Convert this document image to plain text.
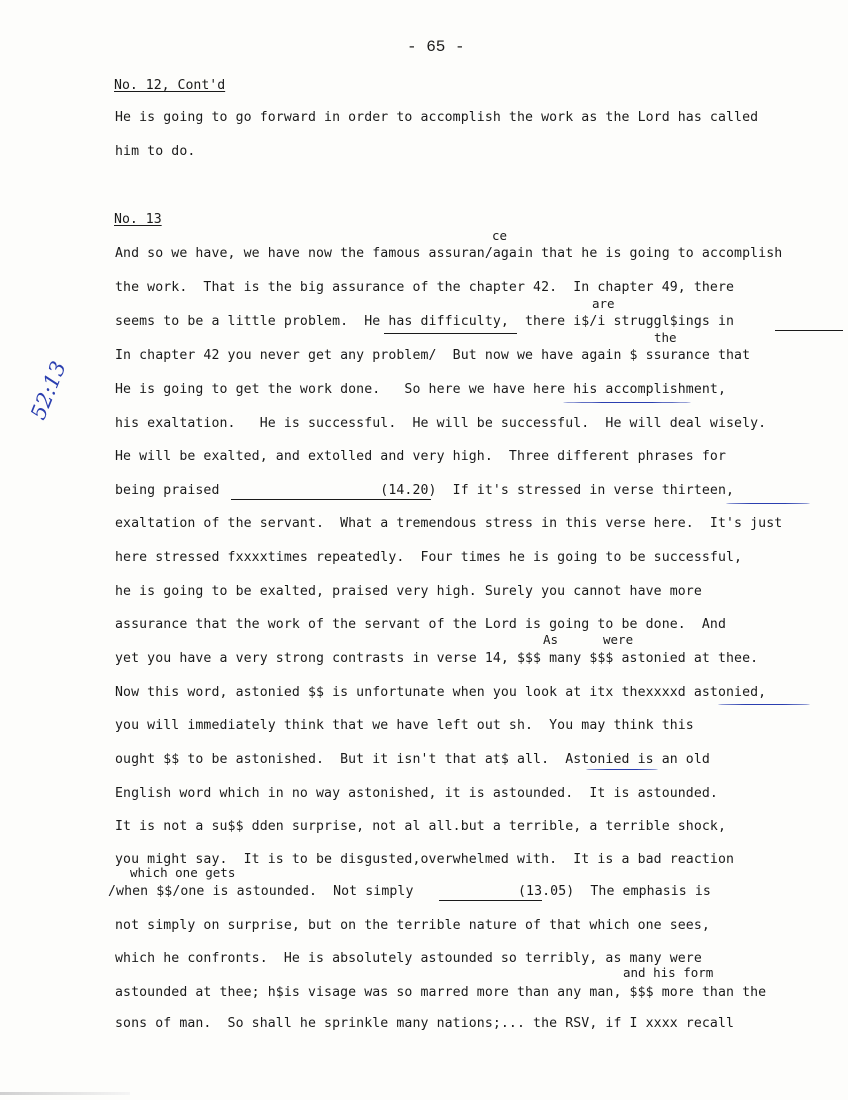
- 65 -
No. 12, Cont'd
He is going to go forward in order to accomplish the work as the Lord has called
him to do.
No. 13
ce
are
the
As	were
which one gets
and his form
And so we have, we have now the famous assuran/again that he is going to accomplish
the work.  That is the big assurance of the chapter 42.  In chapter 49, there
seems to be a little problem.  He has difficulty,  there i$/i struggl$ings in
In chapter 42 you never get any problem/  But now we have again $ ssurance that
He is going to get the work done.   So here we have here his accomplishment,
his exaltation.   He is successful.  He will be successful.  He will deal wisely.
He will be exalted, and extolled and very high.  Three different phrases for
being praised                    (14.20)  If it's stressed in verse thirteen,
exaltation of the servant.  What a tremendous stress in this verse here.  It's just
here stressed fxxxxtimes repeatedly.  Four times he is going to be successful,
he is going to be exalted, praised very high. Surely you cannot have more
assurance that the work of the servant of the Lord is going to be done.  And
yet you have a very strong contrasts in verse 14, $$$ many $$$ astonied at thee.
Now this word, astonied $$ is unfortunate when you look at itx thexxxxd astonied,
you will immediately think that we have left out sh.  You may think this
ought $$ to be astonished.  But it isn't that at$ all.  Astonied is an old
English word which in no way astonished, it is astounded.  It is astounded.
It is not a su$$ dden surprise, not al all.but a terrible, a terrible shock,
you might say.  It is to be disgusted,overwhelmed with.  It is a bad reaction
/when $$/one is astounded.  Not simply             (13.05)  The emphasis is
not simply on surprise, but on the terrible nature of that which one sees,
which he confronts.  He is absolutely astounded so terribly, as many were
astounded at thee; h$is visage was so marred more than any man, $$$ more than the
sons of man.  So shall he sprinkle many nations;... the RSV, if I xxxx recall
52:13
